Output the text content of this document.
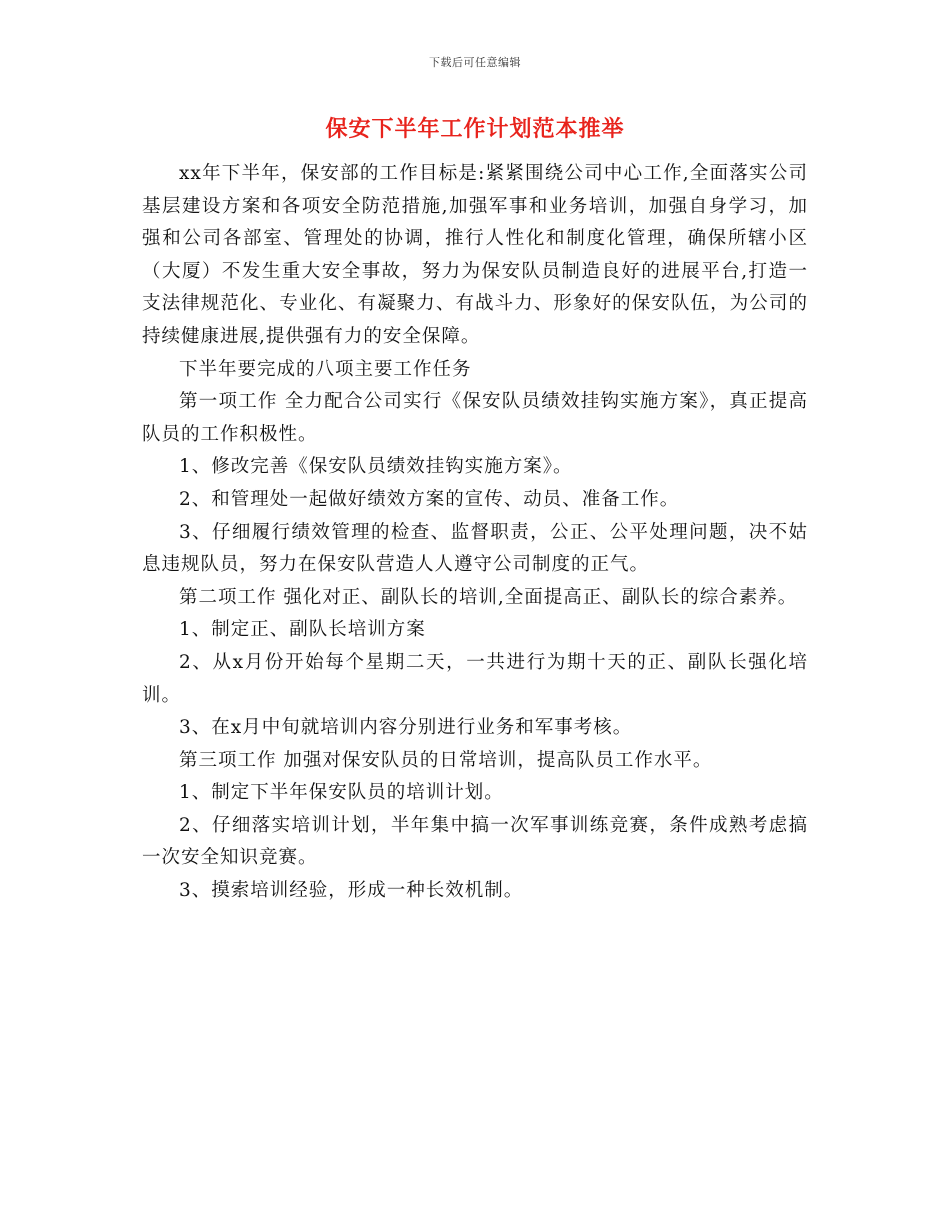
下载后可任意编辑
保安下半年工作计划范本推举

xx年下半年，保安部的工作目标是:紧紧围绕公司中心工作,全面落实公司基层建设方案和各项安全防范措施,加强军事和业务培训，加强自身学习，加强和公司各部室、管理处的协调，推行人性化和制度化管理，确保所辖小区（大厦）不发生重大安全事故，努力为保安队员制造良好的进展平台,打造一支法律规范化、专业化、有凝聚力、有战斗力、形象好的保安队伍，为公司的持续健康进展,提供强有力的安全保障。

下半年要完成的八项主要工作任务

第一项工作 全力配合公司实行《保安队员绩效挂钩实施方案》，真正提高队员的工作积极性。

1、修改完善《保安队员绩效挂钩实施方案》。

2、和管理处一起做好绩效方案的宣传、动员、准备工作。

3、仔细履行绩效管理的检查、监督职责，公正、公平处理问题，决不姑息违规队员，努力在保安队营造人人遵守公司制度的正气。

第二项工作 强化对正、副队长的培训,全面提高正、副队长的综合素养。

1、制定正、副队长培训方案

2、从x月份开始每个星期二天，一共进行为期十天的正、副队长强化培训。

3、在x月中旬就培训内容分别进行业务和军事考核。

第三项工作 加强对保安队员的日常培训，提高队员工作水平。

1、制定下半年保安队员的培训计划。

2、仔细落实培训计划，半年集中搞一次军事训练竞赛，条件成熟考虑搞一次安全知识竞赛。

3、摸索培训经验，形成一种长效机制。
